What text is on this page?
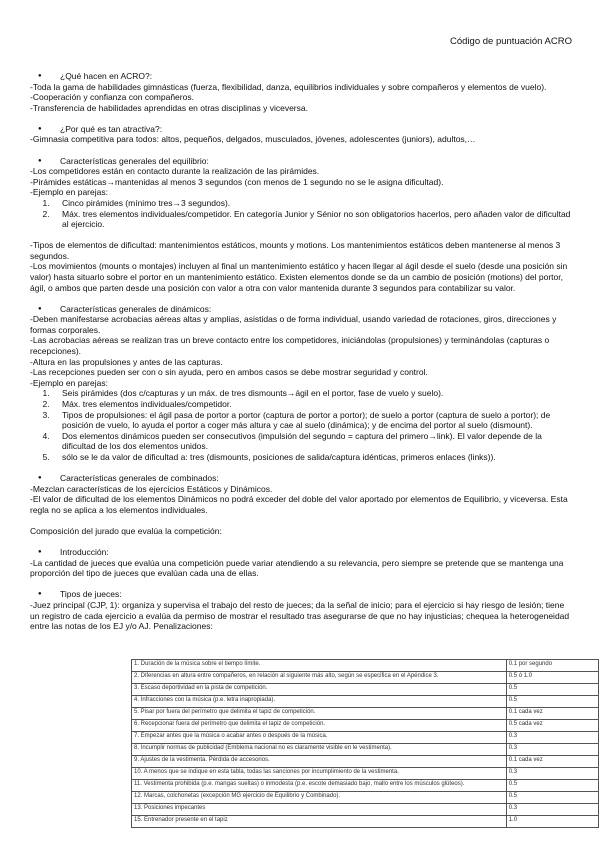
Código de puntuación ACRO

● ¿Qué hacen en ACRO?:

-Toda la gama de habilidades gimnásticas (fuerza, flexibilidad, danza, equilibrios individuales y sobre compañeros y elementos de vuelo).

-Cooperación y confianza con compañeros.

-Transferencia de habilidades aprendidas en otras disciplinas y viceversa.

● ¿Por qué es tan atractiva?:

-Gimnasia competitiva para todos: altos, pequeños, delgados, musculados, jóvenes, adolescentes (juniors), adultos,…

● Características generales del equilibrio:

-Los competidores están en contacto durante la realización de las pirámides.

-Pirámides estáticas→mantenidas al menos 3 segundos (con menos de 1 segundo no se le asigna dificultad).

-Ejemplo en parejas:

1. Cinco pirámides (mínimo tres→3 segundos).
2. Máx. tres elementos individuales/competidor. En categoría Junior y Sénior no son obligatorios hacerlos, pero añaden valor de dificultad al ejercicio.

-Tipos de elementos de dificultad: mantenimientos estáticos, mounts y motions. Los mantenimientos estáticos deben mantenerse al menos 3 segundos.

-Los movimientos (mounts o montajes) incluyen al final un mantenimiento estático y hacen llegar al ágil desde el suelo (desde una posición sin valor) hasta situarlo sobre el portor en un mantenimiento estático. Existen elementos donde se da un cambio de posición (motions) del portor, ágil, o ambos que parten desde una posición con valor a otra con valor mantenida durante 3 segundos para contabilizar su valor.

● Características generales de dinámicos:

-Deben manifestarse acrobacias aéreas altas y amplias, asistidas o de forma individual, usando variedad de rotaciones, giros, direcciones y formas corporales.

-Las acrobacias aéreas se realizan tras un breve contacto entre los competidores, iniciándolas (propulsiones) y terminándolas (capturas o recepciones).

-Altura en las propulsiones y antes de las capturas.

-Las recepciones pueden ser con o sin ayuda, pero en ambos casos se debe mostrar seguridad y control.

-Ejemplo en parejas:

1. Seis pirámides (dos c/capturas y un máx. de tres dismounts→ágil en el portor, fase de vuelo y suelo).
2. Máx. tres elementos individuales/competidor.
3. Tipos de propulsiones: el ágil pasa de portor a portor (captura de portor a portor); de suelo a portor (captura de suelo a portor); de posición de vuelo, lo ayuda el portor a coger más altura y cae al suelo (dinámica); y de encima del portor al suelo (dismount).
4. Dos elementos dinámicos pueden ser consecutivos (impulsión del segundo = captura del primero→link). El valor depende de la dificultad de los dos elementos unidos.
5. sólo se le da valor de dificultad a: tres (dismounts, posiciones de salida/captura idénticas, primeros enlaces (links)).

● Características generales de combinados:

-Mezclan características de los ejercicios Estáticos y Dinámicos.

-El valor de dificultad de los elementos Dinámicos no podrá exceder del doble del valor aportado por elementos de Equilibrio, y viceversa. Esta regla no se aplica a los elementos individuales.

Composición del jurado que evalúa la competición:

● Introducción:

-La cantidad de jueces que evalúa una competición puede variar atendiendo a su relevancia, pero siempre se pretende que se mantenga una proporción del tipo de jueces que evalúan cada una de ellas.

● Tipos de jueces:

-Juez principal (CJP, 1): organiza y supervisa el trabajo del resto de jueces; da la señal de inicio; para el ejercicio si hay riesgo de lesión; tiene un registro de cada ejercicio a evalúa da permiso de mostrar el resultado tras asegurarse de que no hay injusticias; chequea la heterogeneidad entre las notas de los EJ y/o AJ. Penalizaciones:

1. Duración de la música sobre el tiempo límite.	0.1 por segundo
2. Diferencias en altura entre compañeros, en relación al siguiente más alto, según se especifica en el Apéndice 3.	0.5 ó 1.0
3. Escaso deportividad en la pista de competición.	0.5
4. Infracciones con la música (p.e. letra inapropiada).	0.5
5. Pisar por fuera del perímetro que delimita el tapiz de competición.	0.1 cada vez
6. Recepcionar fuera del perímetro que delimita el tapiz de competición.	0.5 cada vez
7. Empezar antes que la música o acabar antes o después de la música.	0.3
8. Incumplir normas de publicidad (Emblema nacional no es claramente visible en le vestimenta).	0.3
9. Ajustes de la vestimenta. Pérdida de accesorios.	0.1 cada vez
10. A menos que se indique en esta tabla, todas las sanciones por incumplimiento de la vestimenta.	0.3
11. Vestimenta prohibida (p.e. mangas sueltas) o inmodesta (p.e. escote demasiado bajo, mallo entre los músculos glúteos).	0.5
12. Marcas, colchonetas (excepción MG ejercicio de Equilibrio y Combinado).	0.5
13. Posiciones impecantes	0.3
15. Entrenador presente en el tapiz	1.0
